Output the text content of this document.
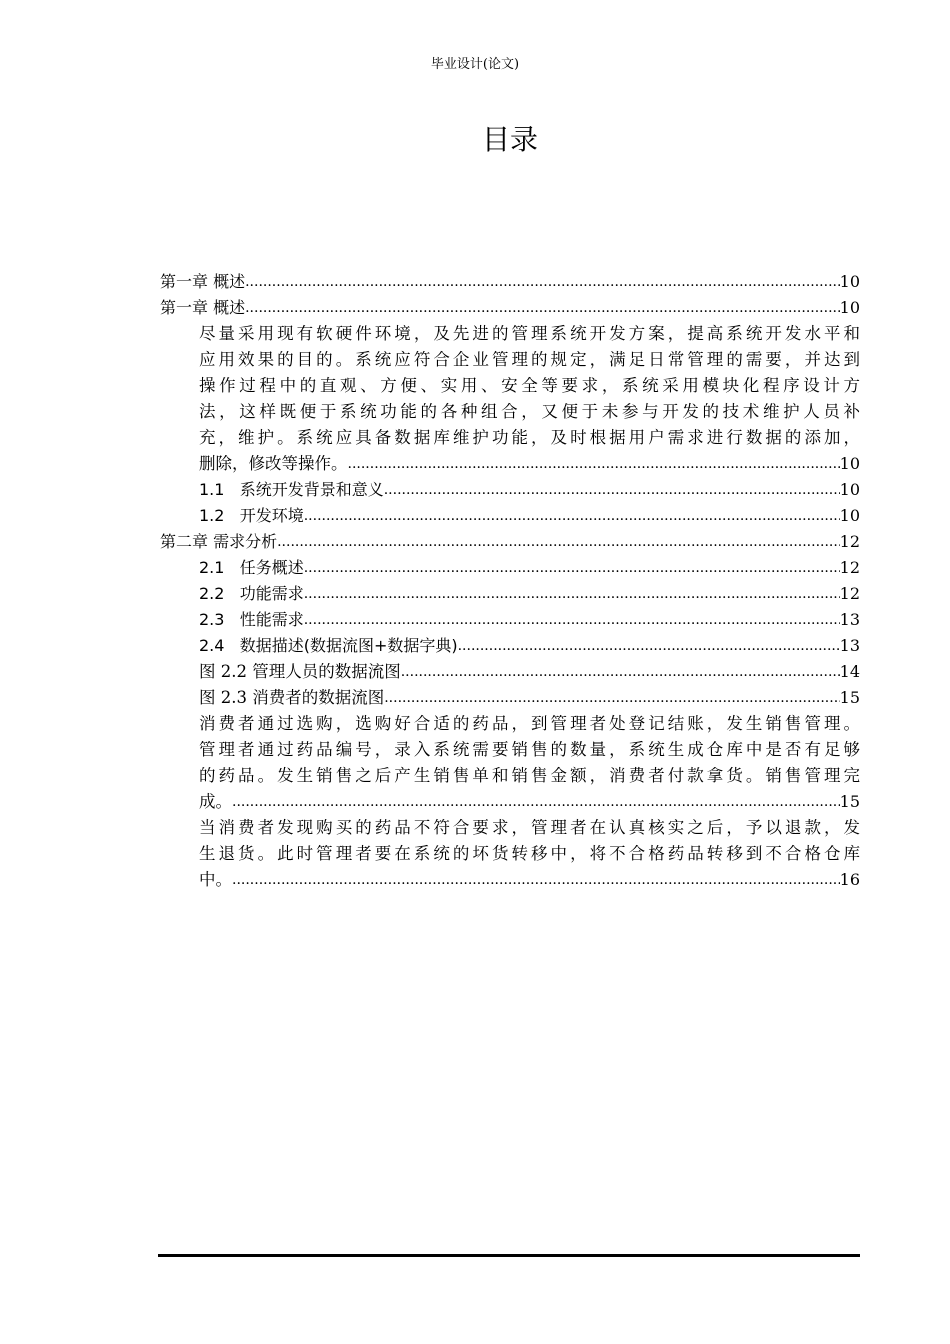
毕业设计(论文)
目录
第一章 概述 .....	10
第一章 概述 .....	10
尽量采用现有软硬件环境，及先进的管理系统开发方案，提高系统开发水平和
应用效果的目的。系统应符合企业管理的规定，满足日常管理的需要，并达到
操作过程中的直观、方便、实用、安全等要求，系统采用模块化程序设计方
法，这样既便于系统功能的各种组合，又便于未参与开发的技术维护人员补
充，维护。系统应具备数据库维护功能，及时根据用户需求进行数据的添加，
删除，修改等操作。 .....	10
1.1   系统开发背景和意义 .....	10
1.2   开发环境 .....	10
第二章 需求分析 .....	12
2.1   任务概述 .....	12
2.2   功能需求 .....	12
2.3   性能需求 .....	13
2.4   数据描述(数据流图+数据字典) .....	13
图 2.2 管理人员的数据流图 .....	14
图 2.3 消费者的数据流图 .....	15
消费者通过选购，选购好合适的药品，到管理者处登记结账，发生销售管理。
管理者通过药品编号，录入系统需要销售的数量，系统生成仓库中是否有足够
的药品。发生销售之后产生销售单和销售金额，消费者付款拿货。销售管理完
成。 .....	15
当消费者发现购买的药品不符合要求，管理者在认真核实之后，予以退款，发
生退货。此时管理者要在系统的坏货转移中，将不合格药品转移到不合格仓库
中。 .....	16
